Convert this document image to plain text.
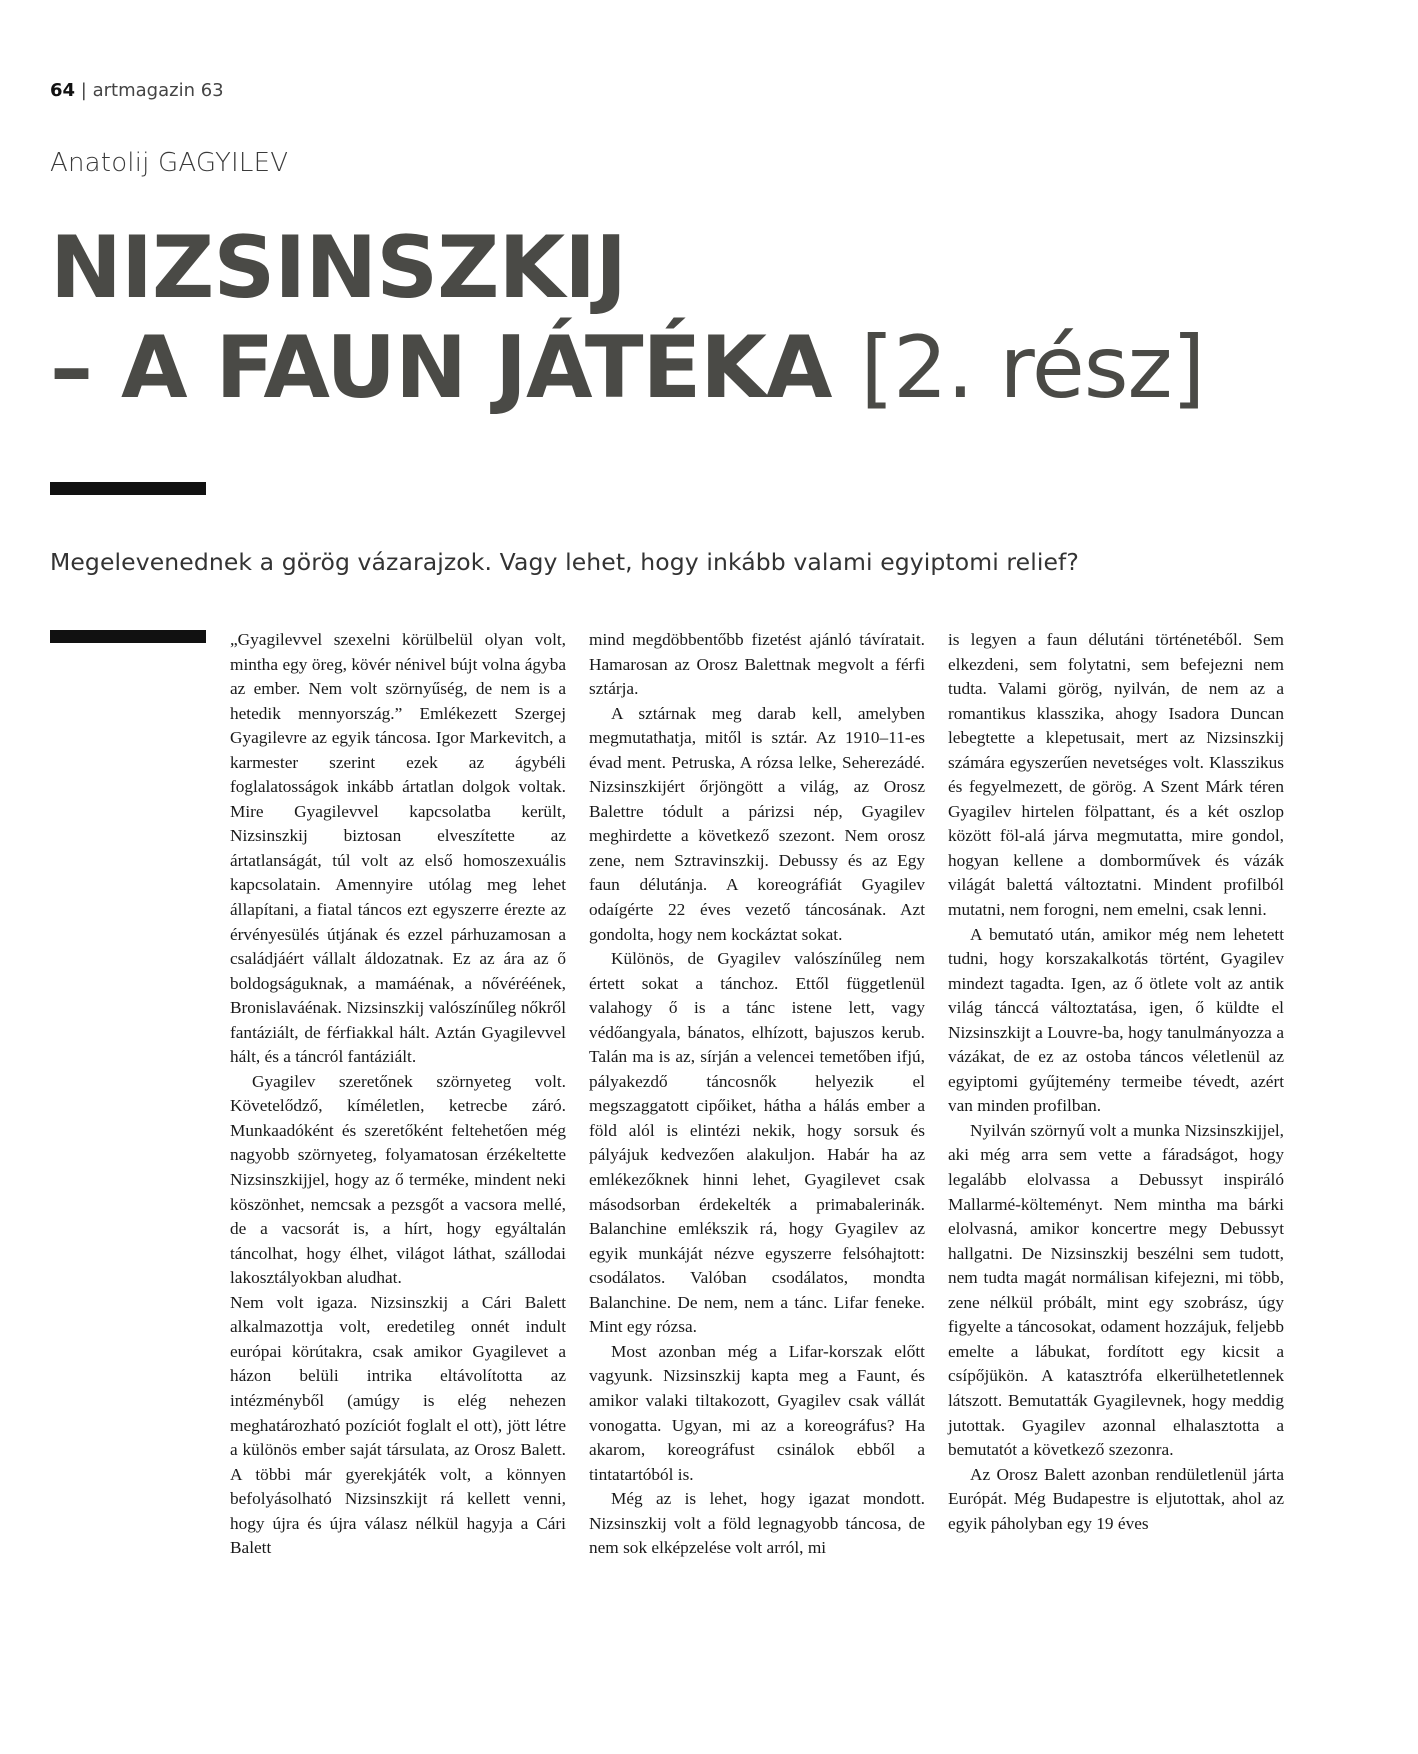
64 | artmagazin 63
Anatolij GAGYILEV
NIZSINSZKIJ
– A FAUN JÁTÉKA [2. rész]
Megelevenednek a görög vázarajzok. Vagy lehet, hogy inkább valami egyiptomi relief?

„Gyagilevvel szexelni körülbelül olyan volt, mintha egy öreg, kövér nénivel bújt volna ágyba az ember. Nem volt szörnyűség, de nem is a hetedik mennyország.” Emlékezett Szergej Gyagilevre az egyik táncosa. Igor Markevitch, a karmester szerint ezek az ágybéli foglalatosságok inkább ártatlan dolgok voltak. Mire Gyagilevvel kapcsolatba került, Nizsinszkij biztosan elveszítette az ártatlanságát, túl volt az első homoszexuális kapcsolatain. Amennyire utólag meg lehet állapítani, a fiatal táncos ezt egyszerre érezte az érvényesülés útjának és ezzel párhuzamosan a családjáért vállalt áldozatnak. Ez az ára az ő boldogságuknak, a mamáénak, a nővéréének, Bronislaváénak. Nizsinszkij valószínűleg nőkről fantáziált, de férfiakkal hált. Aztán Gyagilevvel hált, és a táncról fantáziált.

Gyagilev szeretőnek szörnyeteg volt. Követelődző, kíméletlen, ketrecbe záró. Munkaadóként és szeretőként feltehetően még nagyobb szörnyeteg, folyamatosan érzékeltette Nizsinszkijjel, hogy az ő terméke, mindent neki köszönhet, nemcsak a pezsgőt a vacsora mellé, de a vacsorát is, a hírt, hogy egyáltalán táncolhat, hogy élhet, világot láthat, szállodai lakosztályokban aludhat.

Nem volt igaza. Nizsinszkij a Cári Balett alkalmazottja volt, eredetileg onnét indult európai körútakra, csak amikor Gyagilevet a házon belüli intrika eltávolította az intézményből (amúgy is elég nehezen meghatározható pozíciót foglalt el ott), jött létre a különös ember saját társulata, az Orosz Balett. A többi már gyerekjáték volt, a könnyen befolyásolható Nizsinszkijt rá kellett venni, hogy újra és újra válasz nélkül hagyja a Cári Balett

mind megdöbbentőbb fizetést ajánló távíratait. Hamarosan az Orosz Balettnak megvolt a férfi sztárja.

A sztárnak meg darab kell, amelyben megmutathatja, mitől is sztár. Az 1910–11-es évad ment. Petruska, A rózsa lelke, Seherezádé. Nizsinszkijért őrjöngött a világ, az Orosz Balettre tódult a párizsi nép, Gyagilev meghirdette a következő szezont. Nem orosz zene, nem Sztravinszkij. Debussy és az Egy faun délutánja. A koreográfiát Gyagilev odaígérte 22 éves vezető táncosának. Azt gondolta, hogy nem kockáztat sokat.

Különös, de Gyagilev valószínűleg nem értett sokat a tánchoz. Ettől függetlenül valahogy ő is a tánc istene lett, vagy védőangyala, bánatos, elhízott, bajuszos kerub. Talán ma is az, sírján a velencei temetőben ifjú, pályakezdő táncosnők helyezik el megszaggatott cipőiket, hátha a hálás ember a föld alól is elintézi nekik, hogy sorsuk és pályájuk kedvezően alakuljon. Habár ha az emlékezőknek hinni lehet, Gyagilevet csak másodsorban érdekelték a primabalerinák. Balanchine emlékszik rá, hogy Gyagilev az egyik munkáját nézve egyszerre felsóhajtott: csodálatos. Valóban csodálatos, mondta Balanchine. De nem, nem a tánc. Lifar feneke. Mint egy rózsa.

Most azonban még a Lifar-korszak előtt vagyunk. Nizsinszkij kapta meg a Faunt, és amikor valaki tiltakozott, Gyagilev csak vállát vonogatta. Ugyan, mi az a koreográfus? Ha akarom, koreográfust csinálok ebből a tintatartóból is.

Még az is lehet, hogy igazat mondott. Nizsinszkij volt a föld legnagyobb táncosa, de nem sok elképzelése volt arról, mi

is legyen a faun délutáni történetéből. Sem elkezdeni, sem folytatni, sem befejezni nem tudta. Valami görög, nyilván, de nem az a romantikus klasszika, ahogy Isadora Duncan lebegtette a klepetusait, mert az Nizsinszkij számára egyszerűen nevetséges volt. Klasszikus és fegyelmezett, de görög. A Szent Márk téren Gyagilev hirtelen fölpattant, és a két oszlop között föl-alá járva megmutatta, mire gondol, hogyan kellene a domborművek és vázák világát balettá változtatni. Mindent profilból mutatni, nem forogni, nem emelni, csak lenni.

A bemutató után, amikor még nem lehetett tudni, hogy korszakalkotás történt, Gyagilev mindezt tagadta. Igen, az ő ötlete volt az antik világ tánccá változtatása, igen, ő küldte el Nizsinszkijt a Louvre-ba, hogy tanulmányozza a vázákat, de ez az ostoba táncos véletlenül az egyiptomi gyűjtemény termeibe tévedt, azért van minden profilban.

Nyilván szörnyű volt a munka Nizsinszkijjel, aki még arra sem vette a fáradságot, hogy legalább elolvassa a Debussyt inspiráló Mallarmé-költeményt. Nem mintha ma bárki elolvasná, amikor koncertre megy Debussyt hallgatni. De Nizsinszkij beszélni sem tudott, nem tudta magát normálisan kifejezni, mi több, zene nélkül próbált, mint egy szobrász, úgy figyelte a táncosokat, odament hozzájuk, feljebb emelte a lábukat, fordított egy kicsit a csípőjükön. A katasztrófa elkerülhetetlennek látszott. Bemutatták Gyagilevnek, hogy meddig jutottak. Gyagilev azonnal elhalasztotta a bemutatót a következő szezonra.

Az Orosz Balett azonban rendületlenül járta Európát. Még Budapestre is eljutottak, ahol az egyik páholyban egy 19 éves
